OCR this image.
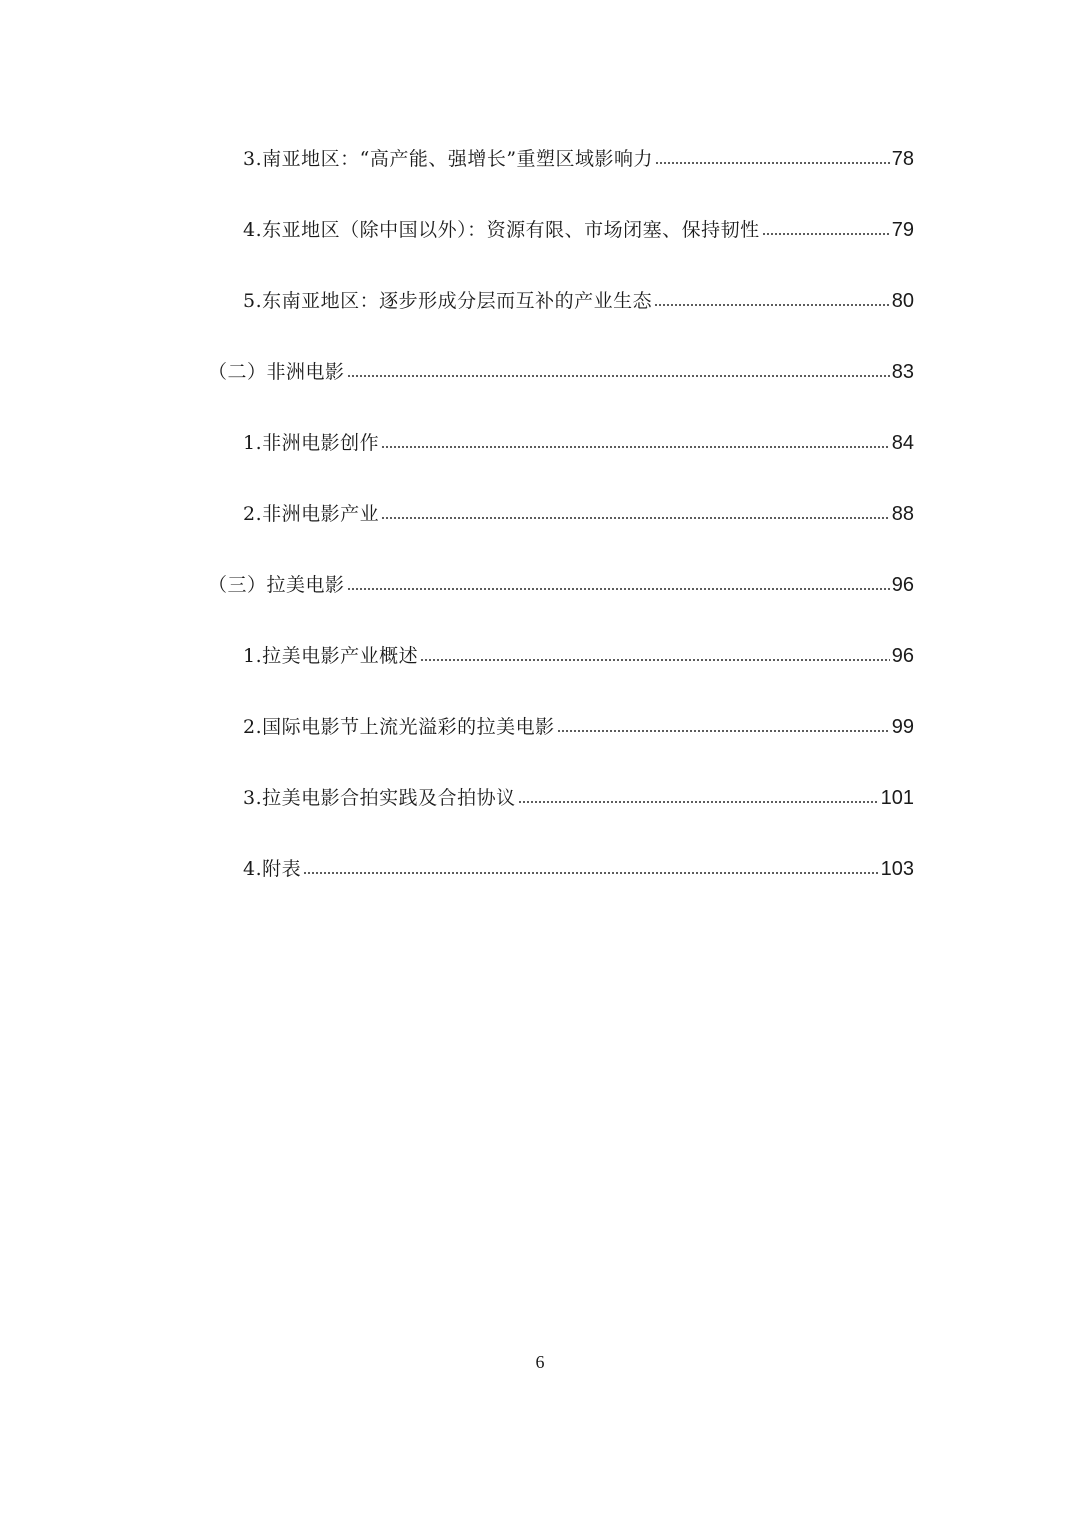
3.南亚地区：“高产能、强增长”重塑区域影响力	78
4.东亚地区（除中国以外）：资源有限、市场闭塞、保持韧性	79
5.东南亚地区：逐步形成分层而互补的产业生态	80
（二）非洲电影	83
1.非洲电影创作	84
2.非洲电影产业	88
（三）拉美电影	96
1.拉美电影产业概述	96
2.国际电影节上流光溢彩的拉美电影	99
3.拉美电影合拍实践及合拍协议	101
4.附表	103
6
